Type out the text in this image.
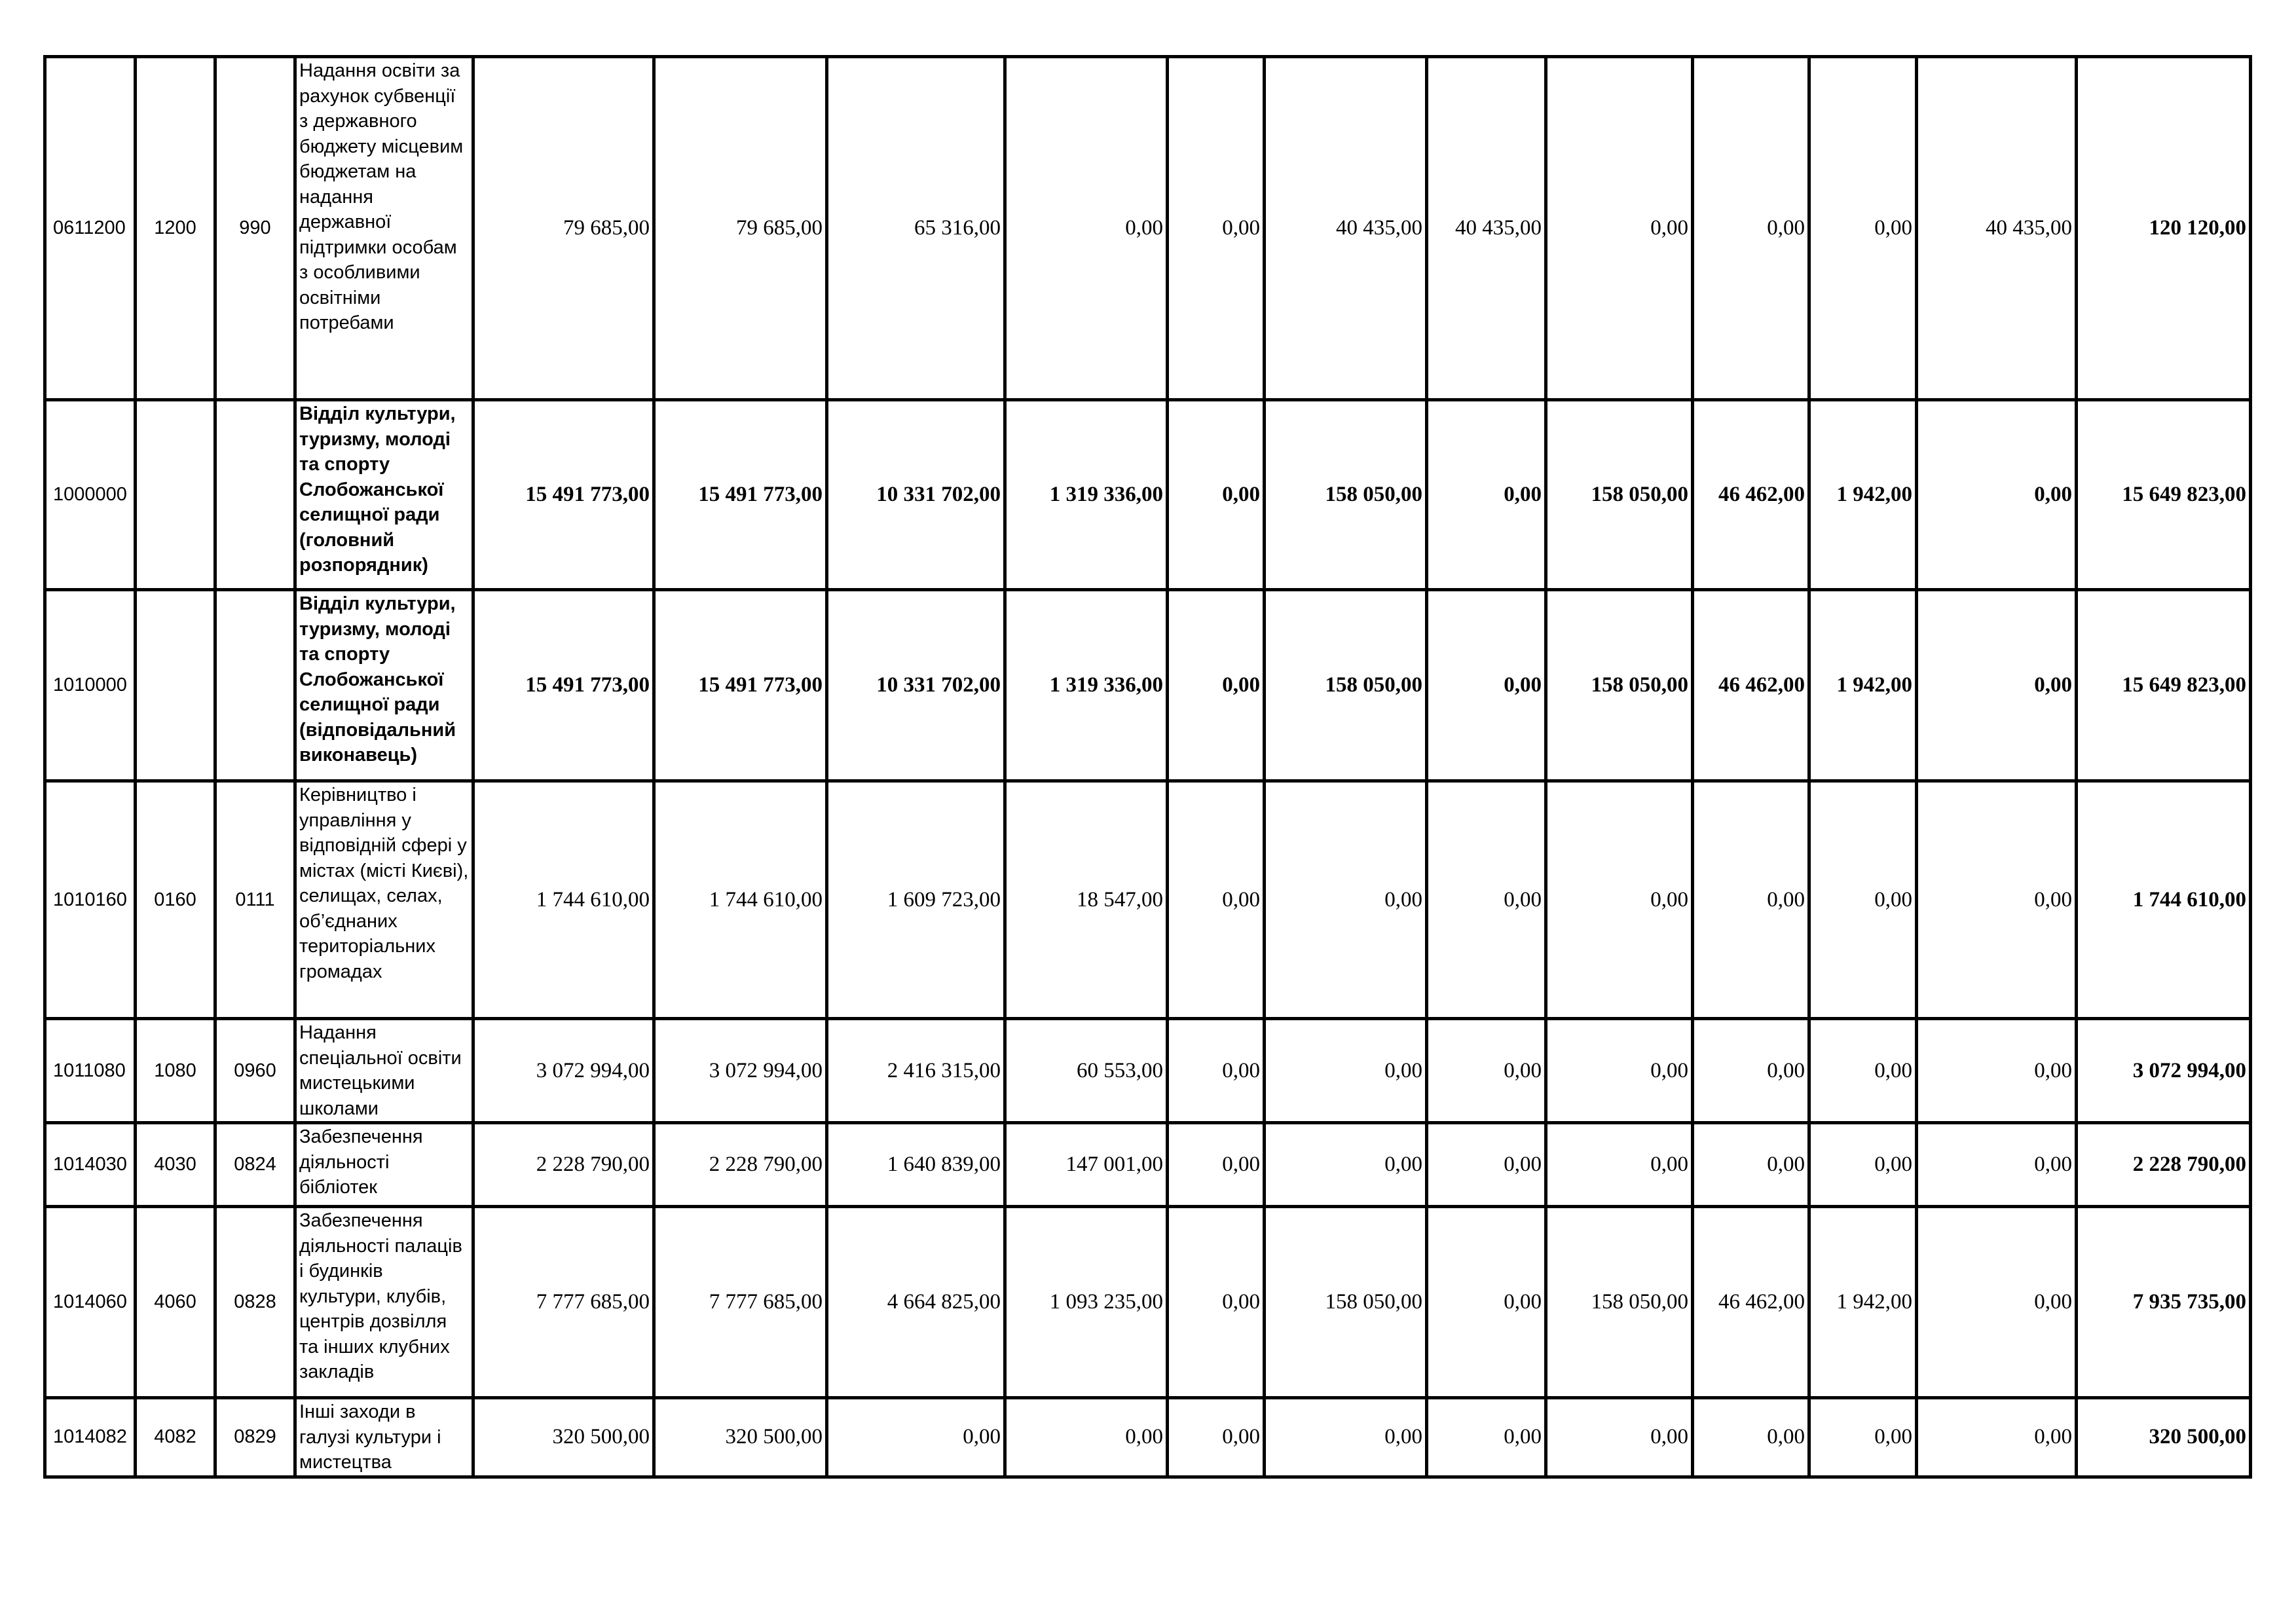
0611200	1200	990	Надання освіти за рахунок субвенції з державного бюджету місцевим бюджетам на надання державної підтримки особам з особливими освітніми потребами	79 685,00	79 685,00	65 316,00	0,00	0,00	40 435,00	40 435,00	0,00	0,00	0,00	40 435,00	120 120,00
1000000			Відділ культури, туризму, молоді та спорту Слобожанської селищної ради (головний розпорядник)	15 491 773,00	15 491 773,00	10 331 702,00	1 319 336,00	0,00	158 050,00	0,00	158 050,00	46 462,00	1 942,00	0,00	15 649 823,00
1010000			Відділ культури, туризму, молоді та спорту Слобожанської селищної ради (відповідальний виконавець)	15 491 773,00	15 491 773,00	10 331 702,00	1 319 336,00	0,00	158 050,00	0,00	158 050,00	46 462,00	1 942,00	0,00	15 649 823,00
1010160	0160	0111	Керівництво і управління у відповідній сфері у містах (місті Києві), селищах, селах, об’єднаних територіальних громадах	1 744 610,00	1 744 610,00	1 609 723,00	18 547,00	0,00	0,00	0,00	0,00	0,00	0,00	0,00	1 744 610,00
1011080	1080	0960	Надання спеціальної освіти мистецькими школами	3 072 994,00	3 072 994,00	2 416 315,00	60 553,00	0,00	0,00	0,00	0,00	0,00	0,00	0,00	3 072 994,00
1014030	4030	0824	Забезпечення діяльності бібліотек	2 228 790,00	2 228 790,00	1 640 839,00	147 001,00	0,00	0,00	0,00	0,00	0,00	0,00	0,00	2 228 790,00
1014060	4060	0828	Забезпечення діяльності палаців і будинків культури, клубів, центрів дозвілля та інших клубних закладів	7 777 685,00	7 777 685,00	4 664 825,00	1 093 235,00	0,00	158 050,00	0,00	158 050,00	46 462,00	1 942,00	0,00	7 935 735,00
1014082	4082	0829	Інші заходи в галузі культури і мистецтва	320 500,00	320 500,00	0,00	0,00	0,00	0,00	0,00	0,00	0,00	0,00	0,00	320 500,00
